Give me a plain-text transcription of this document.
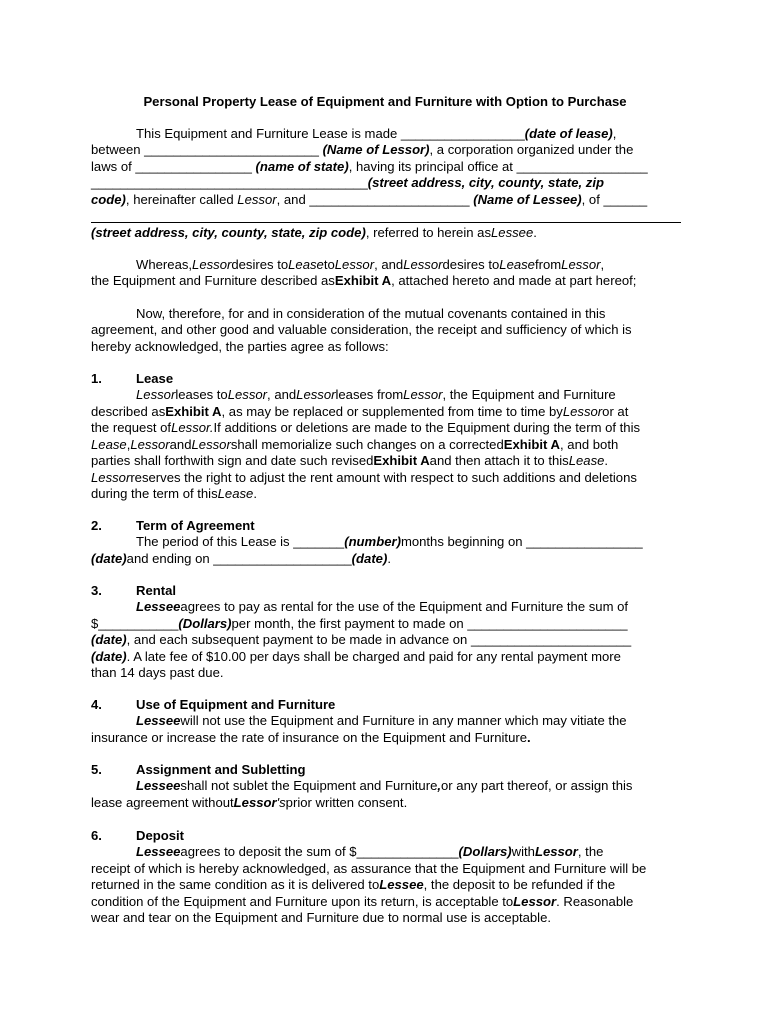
Personal Property Lease of Equipment and Furniture with Option to Purchase
This Equipment and Furniture Lease is made _________________ (date of lease) ,
between ________________________ (Name of Lessor), a corporation organized under the
laws of ________________ (name of state), having its principal office at __________________
______________________________________ (street address, city, county, state, zip
code), hereinafter called Lessor, and ______________________ (Name of Lessee), of ______
(street address, city, county, state, zip code) , referred to herein as Lessee .
Whereas, Lessor desires to Lease to Lessor , and Lessor desires to Lease from Lessor ,
the Equipment and Furniture described as Exhibit A , attached hereto and made at part hereof;
Now, therefore, for and in consideration of the mutual covenants contained in this
agreement, and other good and valuable consideration, the receipt and sufficiency of which is
hereby acknowledged, the parties agree as follows:
1.	Lease
Lessor leases to Lessor , and Lessor leases from Lessor , the Equipment and Furniture
described as Exhibit A , as may be replaced or supplemented from time to time by Lessor or at
the request of Lessor. If additions or deletions are made to the Equipment during the term of this
Lease , Lessor and Lessor shall memorialize such changes on a corrected Exhibit A , and both
parties shall forthwith sign and date such revised Exhibit A and then attach it to this Lease .
Lessor reserves the right to adjust the rent amount with respect to such additions and deletions
during the term of this Lease .
2.	Term of Agreement
The period of this Lease is _______ (number) months beginning on ________________
(date) and ending on ___________________ (date) .
3.	Rental
Lessee agrees to pay as rental for the use of the Equipment and Furniture the sum of
$___________ (Dollars) per month, the first payment to made on ______________________
(date) , and each subsequent payment to be made in advance on ______________________
(date) . A late fee of $10.00 per days shall be charged and paid for any rental payment more
than 14 days past due.
4.	Use of Equipment and Furniture
Lessee will not use the Equipment and Furniture in any manner which may vitiate the
insurance or increase the rate of insurance on the Equipment and Furniture .
5.	Assignment and Subletting
Lessee shall not sublet the Equipment and Furniture , or any part thereof, or assign this
lease agreement without Lessor 's prior written consent.
6.	Deposit
Lessee agrees to deposit the sum of $______________ (Dollars) with Lessor , the
receipt of which is hereby acknowledged, as assurance that the Equipment and Furniture will be
returned in the same condition as it is delivered to Lessee , the deposit to be refunded if the
condition of the Equipment and Furniture upon its return, is acceptable to Lessor . Reasonable
wear and tear on the Equipment and Furniture due to normal use is acceptable.
